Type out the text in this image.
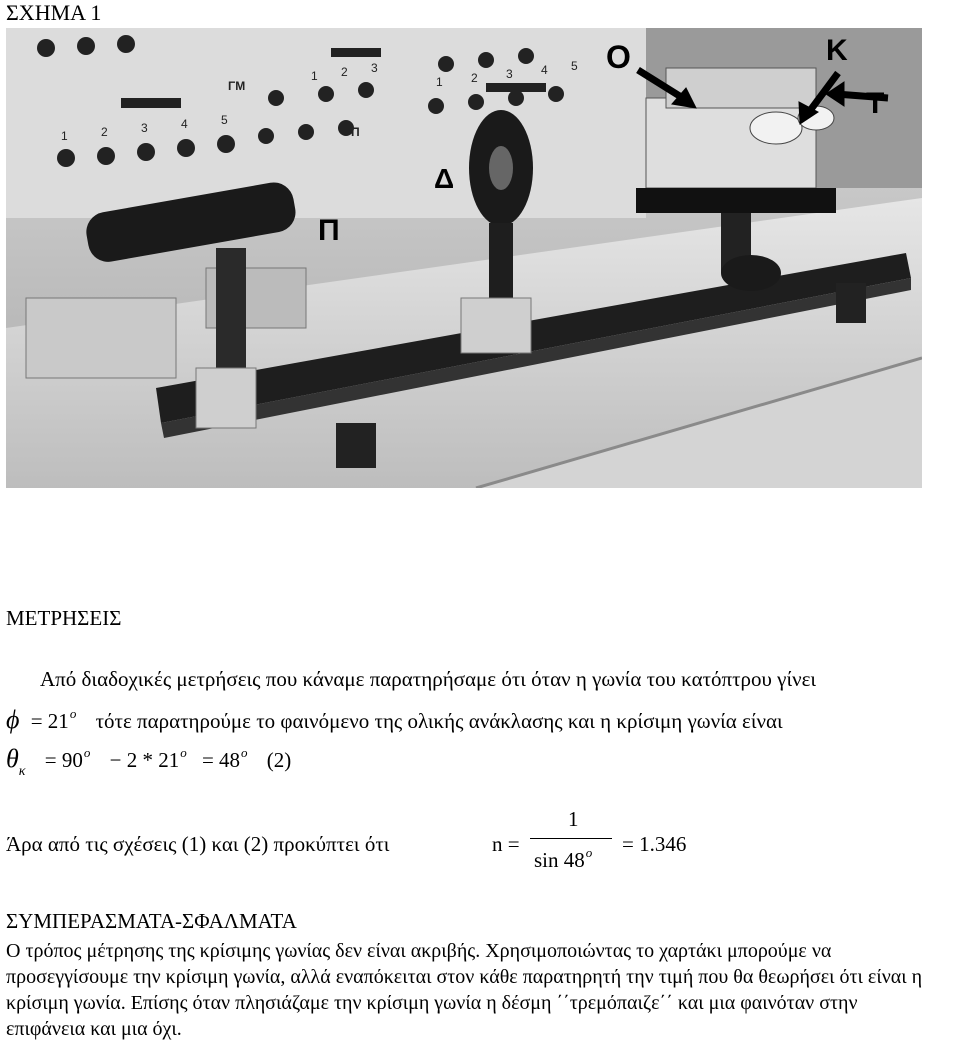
ΣΧΗΜΑ 1
1	2	3	4	5
1 2 3
1 2 3 4 5
ΓΜ
Π
O	K
T
Δ
Π
ΜΕΤΡΗΣΕΙΣ
Από διαδοχικές μετρήσεις που κάναμε παρατηρήσαμε ότι όταν η γωνία του κατόπτρου γίνει
$\phi = 21^o$ τότε παρατηρούμε το φαινόμενο της ολικής ανάκλασης και η κρίσιμη γωνία είναι
$\theta_\kappa = 90^o - 2 * 21^o = 48^o$ (2)
Άρα από τις σχέσεις (1) και (2) προκύπτει ότι	n =
1
$\sin 48^o = 1.346$
ΣΥΜΠΕΡΑΣΜΑΤΑ-ΣΦΑΛΜΑΤΑ
Ο τρόπος μέτρησης της κρίσιμης γωνίας δεν είναι ακριβής. Χρησιμοποιώντας το χαρτάκι μπορούμε να προσεγγίσουμε την κρίσιμη γωνία, αλλά εναπόκειται στον κάθε παρατηρητή την τιμή που θα θεωρήσει ότι είναι η κρίσιμη γωνία. Επίσης όταν πλησιάζαμε την κρίσιμη γωνία η δέσμη ΄΄τρεμόπαιζε΄΄ και μια φαινόταν στην επιφάνεια και μια όχι.
